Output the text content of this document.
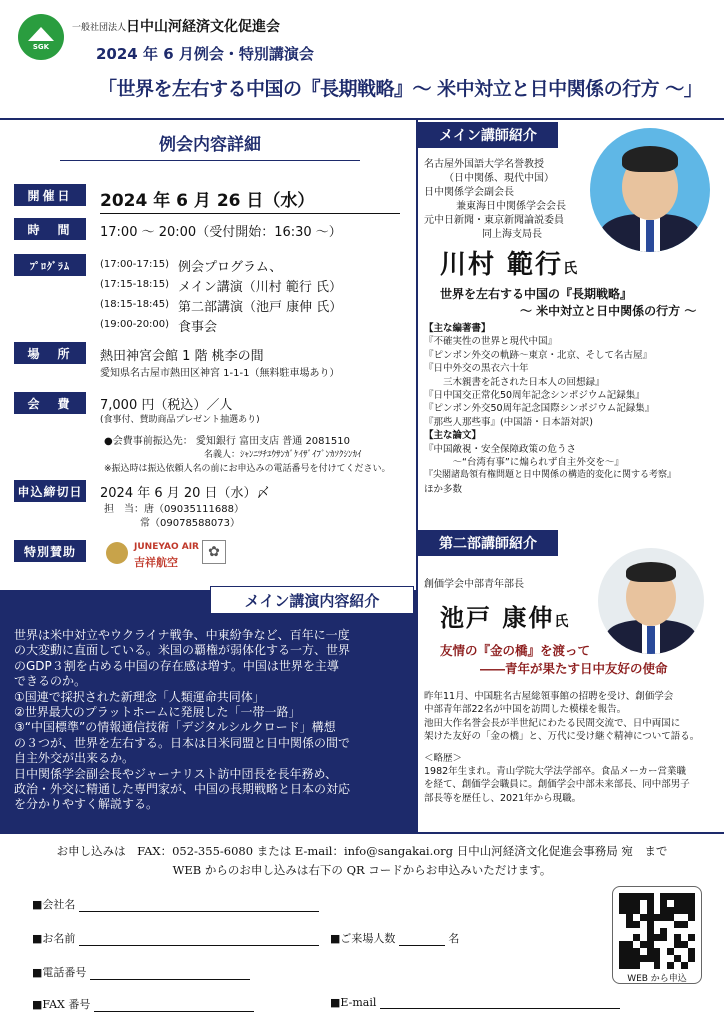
SGK
一般社団法人 日中山河経済文化促進会
2024 年 6 月例会・特別講演会
「世界を左右する中国の『長期戦略』～ 米中対立と日中関係の行方 ～」
例会内容詳細
開催日	2024 年 6 月 26 日（水）
時　間	17:00 ～ 20:00（受付開始：16:30 ～）
ﾌﾟﾛｸﾞﾗﾑ	(17:00-17:15) 例会プログラム、
(17:15-18:15) メイン講演（川村 範行 氏）
(18:15-18:45) 第二部講演（池戸 康伸 氏）
(19:00-20:00) 食事会
場　所	熱田神宮会館 1 階 桃李の間
愛知県名古屋市熱田区神宮 1-1-1（無料駐車場あり）
会　費	7,000 円（税込）／人
(食事付、賛助商品プレゼント抽選あり)
●会費事前振込先： 愛知銀行 富田支店 普通 2081510
名義人：ｼｬﾝﾆﾂﾁﾕｳｻﾝｶﾞｹｲｻﾞｲﾌﾞﾝｶｿｸｼﾝｶｲ
※振込時は振込依頼人名の前にお申込みの電話番号を付けてください。
申込締切日 2024 年 6 月 20 日（水）〆
担　当：唐（09035111688）
常（09078588073）
特別賛助	JUNEYAO AIR
吉祥航空
✿
メイン講演内容紹介

世界は米中対立やウクライナ戦争、中東紛争など、百年に一度

の大変動に直面している。米国の覇権が弱体化する一方、世界

のGDP３割を占める中国の存在感は増す。中国は世界を主導

できるのか。

①国連で採択された新理念「人類運命共同体」

②世界最大のプラットホームに発展した「一帯一路」

③“中国標準”の情報通信技術「デジタルシルクロード」構想

の３つが、世界を左右する。日本は日米同盟と日中関係の間で

自主外交が出来るか。

日中関係学会副会長やジャーナリスト訪中団長を長年務め、

政治・外交に精通した専門家が、中国の長期戦略と日本の対応

を分かりやすく解説する。

メイン講師紹介
名古屋外国語大学名誉教授
（日中関係、現代中国）
日中関係学会副会長
兼東海日中関係学会会長
元中日新聞・東京新聞論説委員
同上海支局長
川村 範行氏
世界を左右する中国の『長期戦略』
～ 米中対立と日中関係の行方 ～
【主な編著書】
『不確実性の世界と現代中国』
『ピンポン外交の軌跡～東京・北京、そして名古屋』
『日中外交の黒衣六十年
　　三木親書を託された日本人の回想録』
『日中国交正常化50周年記念シンポジウム記録集』
『ピンポン外交50周年記念国際シンポジウム記録集』
『那些人那些事』(中国語・日本語対訳)
【主な論文】
『中国敵視・安全保障政策の危うさ
　　　～“台湾有事”に煽られず自主外交を～』
『尖閣諸島領有権問題と日中関係の構造的変化に関する考察』
ほか多数
第二部講師紹介
創価学会中部青年部長
池戸 康伸氏
友情の『金の橋』を渡って
――青年が果たす日中友好の使命
昨年11月、中国駐名古屋総領事館の招聘を受け、創価学会
中部青年部22名が中国を訪問した模様を報告。
池田大作名誉会長が半世紀にわたる民間交流で、日中両国に
架けた友好の「金の橋」と、万代に受け継ぐ精神について語る。
＜略歴＞
1982年生まれ。青山学院大学法学部卒。食品メーカー営業職
を経て、創価学会職員に。創価学会中部未来部長、同中部男子
部長等を歴任し、2021年から現職。
お申し込みは　FAX：052-355-6080 または E-mail：info@sangakai.org 日中山河経済文化促進会事務局 宛　まで
WEB からのお申し込みは右下の QR コードからお申込みいただけます。
■会社名
■お名前	■ご来場人数	名
■電話番号
■FAX 番号	■E-mail
WEB から申込
